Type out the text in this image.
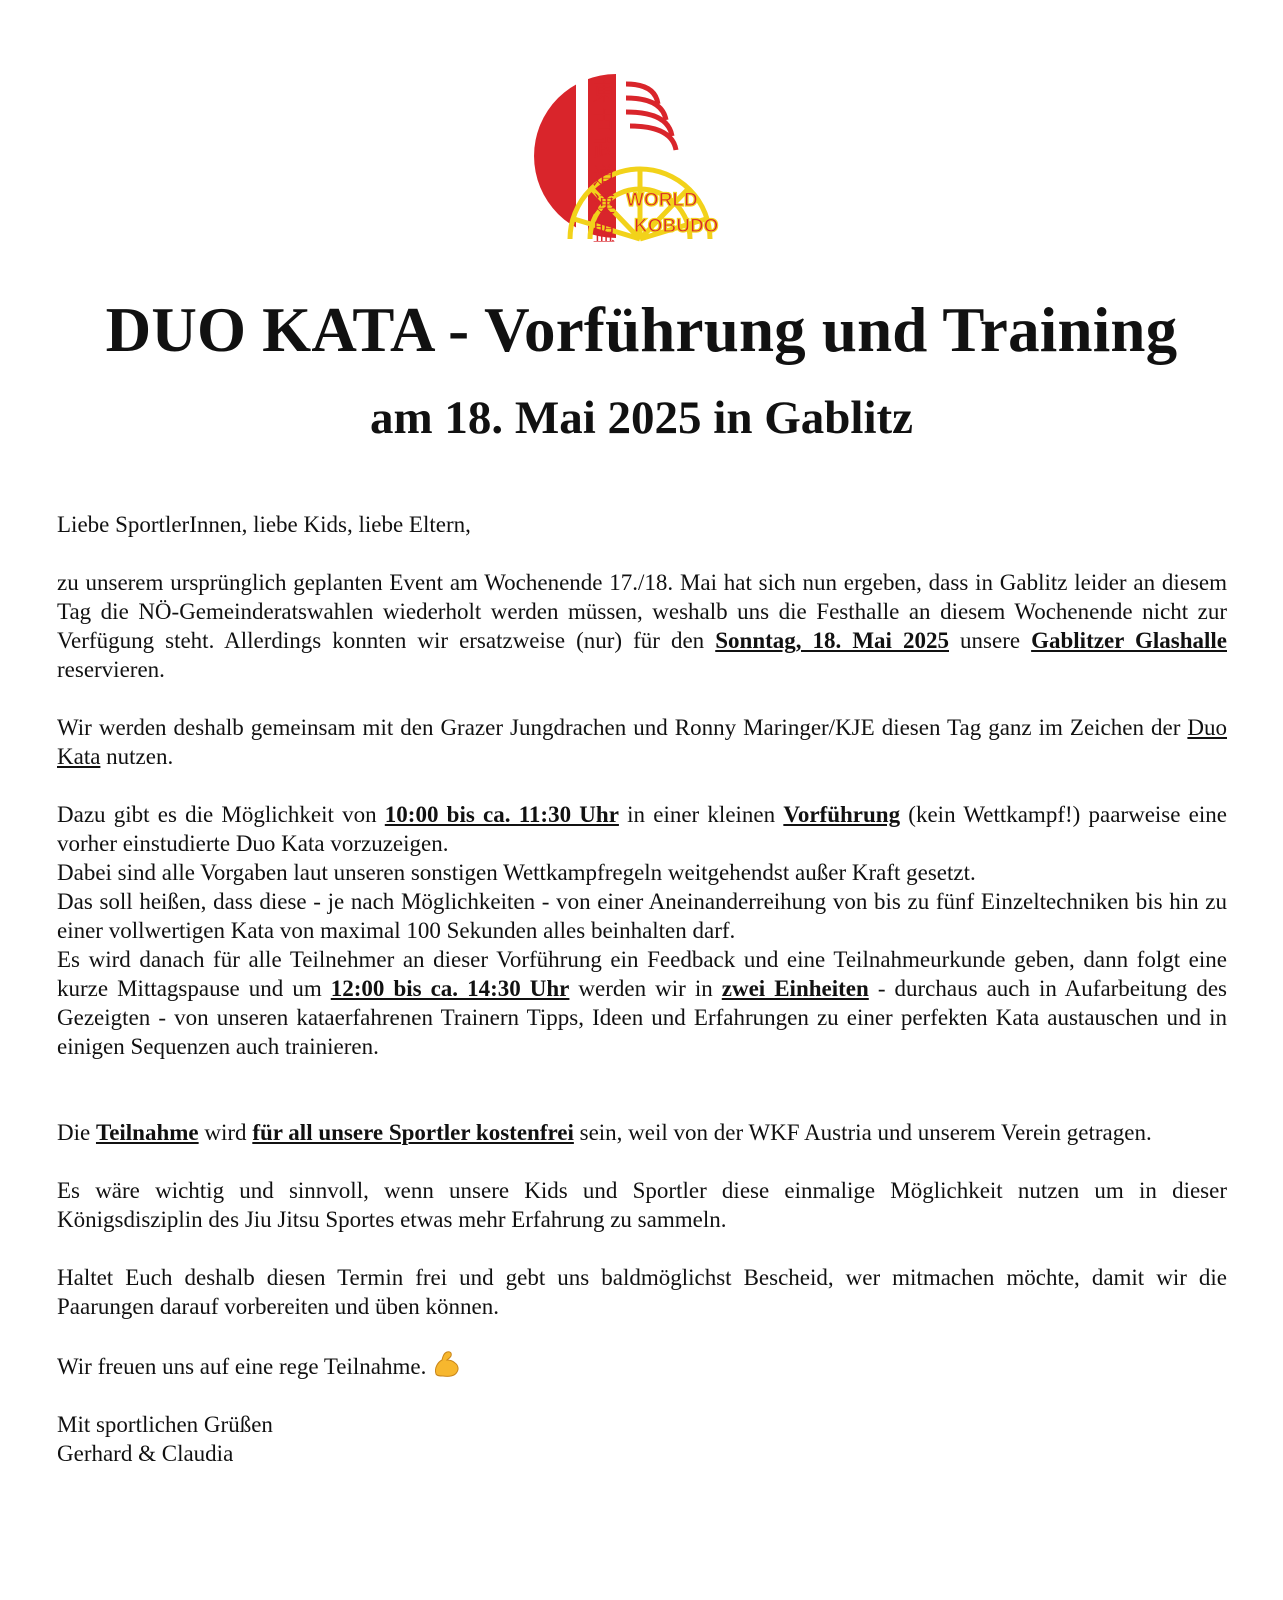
東
古
武
道
連
盟
WORLD
KOBUDO
DUO KATA - Vorführung und Training
am 18. Mai 2025 in Gablitz

Liebe SportlerInnen, liebe Kids, liebe Eltern,

zu unserem ursprünglich geplanten Event am Wochenende 17./18. Mai hat sich nun ergeben, dass in Gablitz leider an diesem Tag die NÖ-Gemeinderatswahlen wiederholt werden müssen, weshalb uns die Festhalle an diesem Wochenende nicht zur Verfügung steht. Allerdings konnten wir ersatzweise (nur) für den Sonntag, 18. Mai 2025 unsere Gablitzer Glashalle reservieren.

Wir werden deshalb gemeinsam mit den Grazer Jungdrachen und Ronny Maringer/KJE diesen Tag ganz im Zeichen der Duo Kata nutzen.

Dazu gibt es die Möglichkeit von 10:00 bis ca. 11:30 Uhr in einer kleinen Vorführung (kein Wettkampf!) paarweise eine vorher einstudierte Duo Kata vorzuzeigen.

Dabei sind alle Vorgaben laut unseren sonstigen Wettkampfregeln weitgehendst außer Kraft gesetzt.

Das soll heißen, dass diese - je nach Möglichkeiten - von einer Aneinanderreihung von bis zu fünf Einzeltechniken bis hin zu einer vollwertigen Kata von maximal 100 Sekunden alles beinhalten darf.

Es wird danach für alle Teilnehmer an dieser Vorführung ein Feedback und eine Teilnahmeurkunde geben, dann folgt eine kurze Mittagspause und um 12:00 bis ca. 14:30 Uhr werden wir in zwei Einheiten - durchaus auch in Aufarbeitung des Gezeigten - von unseren kataerfahrenen Trainern Tipps, Ideen und Erfahrungen zu einer perfekten Kata austauschen und in einigen Sequenzen auch trainieren.

Die Teilnahme wird für all unsere Sportler kostenfrei sein, weil von der WKF Austria und unserem Verein getragen.

Es wäre wichtig und sinnvoll, wenn unsere Kids und Sportler diese einmalige Möglichkeit nutzen um in dieser Königsdisziplin des Jiu Jitsu Sportes etwas mehr Erfahrung zu sammeln.

Haltet Euch deshalb diesen Termin frei und gebt uns baldmöglichst Bescheid, wer mitmachen möchte, damit wir die Paarungen darauf vorbereiten und üben können.

Wir freuen uns auf eine rege Teilnahme.

Mit sportlichen Grüßen

Gerhard & Claudia
